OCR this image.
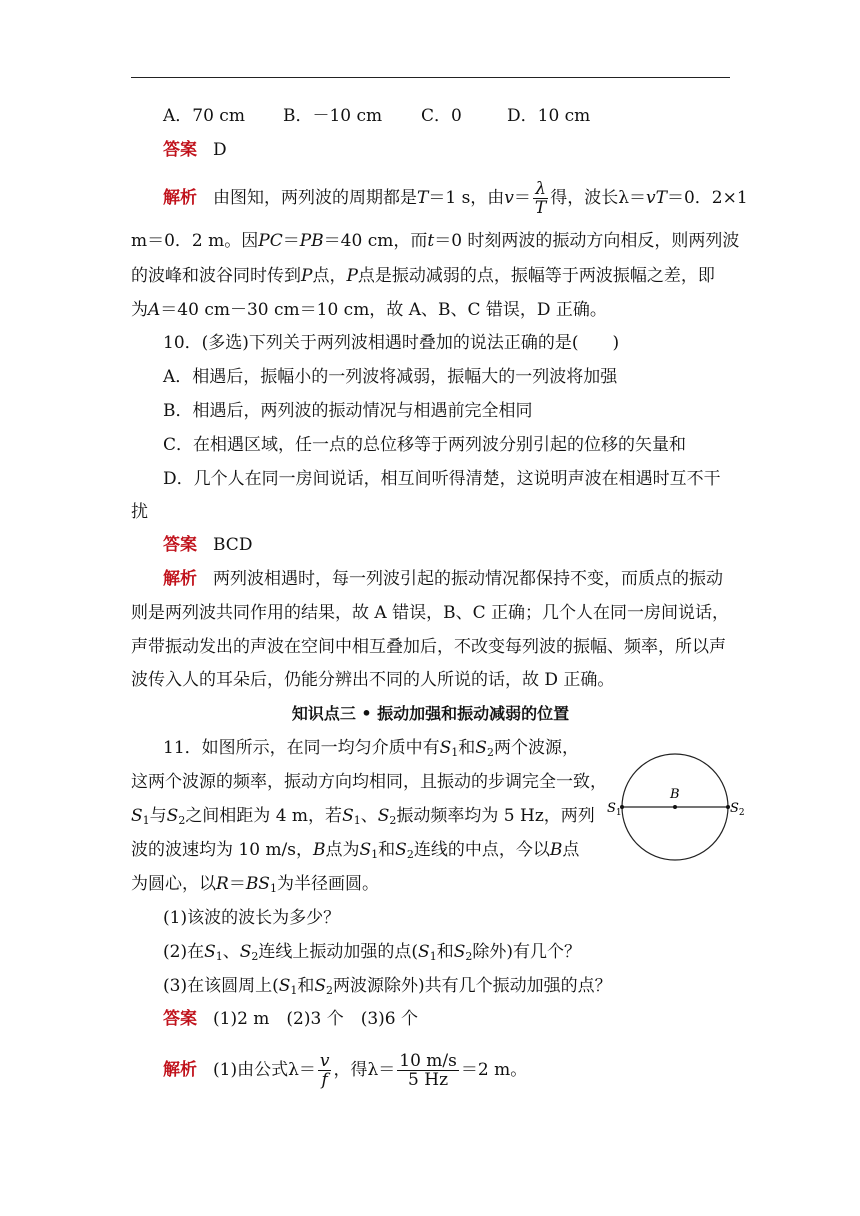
A．70 cm B．－10 cm C．0	D．10 cm
答案 D
解析 由图知，两列波的周期都是T＝1 s，由$v= \frac{\lambda}{T}$ 得，波长λ＝vT＝0．2×1
m＝0．2 m。因PC＝PB＝40 cm，而t＝0 时刻两波的振动方向相反，则两列波
的波峰和波谷同时传到P点，P点是振动减弱的点，振幅等于两波振幅之差，即
为A＝40 cm－30 cm＝10 cm，故 A、B、C 错误，D 正确。
10．(多选)下列关于两列波相遇时叠加的说法正确的是(　　)
A．相遇后，振幅小的一列波将减弱，振幅大的一列波将加强
B．相遇后，两列波的振动情况与相遇前完全相同
C．在相遇区域，任一点的总位移等于两列波分别引起的位移的矢量和
D．几个人在同一房间说话，相互间听得清楚，这说明声波在相遇时互不干
扰
答案 BCD
解析 两列波相遇时，每一列波引起的振动情况都保持不变，而质点的振动
则是两列波共同作用的结果，故 A 错误，B、C 正确；几个人在同一房间说话，
声带振动发出的声波在空间中相互叠加后，不改变每列波的振幅、频率，所以声
波传入人的耳朵后，仍能分辨出不同的人所说的话，故 D 正确。
知识点三 • 振动加强和振动减弱的位置
11．如图所示，在同一均匀介质中有$S_1$和$S_2$两个波源，
这两个波源的频率，振动方向均相同，且振动的步调完全一致，
$S_1$与$S_2$之间相距为 4 m，若$S_1$、$S_2$振动频率均为 5 Hz，两列
波的波速均为 10 m/s，B点为$S_1$和$S_2$连线的中点，今以B点
为圆心，以$R=BS_1$为半径画圆。
(1)该波的波长为多少？
(2)在$S_1$、$S_2$连线上振动加强的点($S_1$和$S_2$除外)有几个？
(3)在该圆周上($S_1$和$S_2$两波源除外)共有几个振动加强的点？
答案 (1)2 m　(2)3 个　(3)6 个
解析 (1)由公式$\lambda= \frac{v}{f}$ ，得$\lambda= \frac{10 m/s}{5 Hz} =2$ m。
$S_1$
B
$S_2$
